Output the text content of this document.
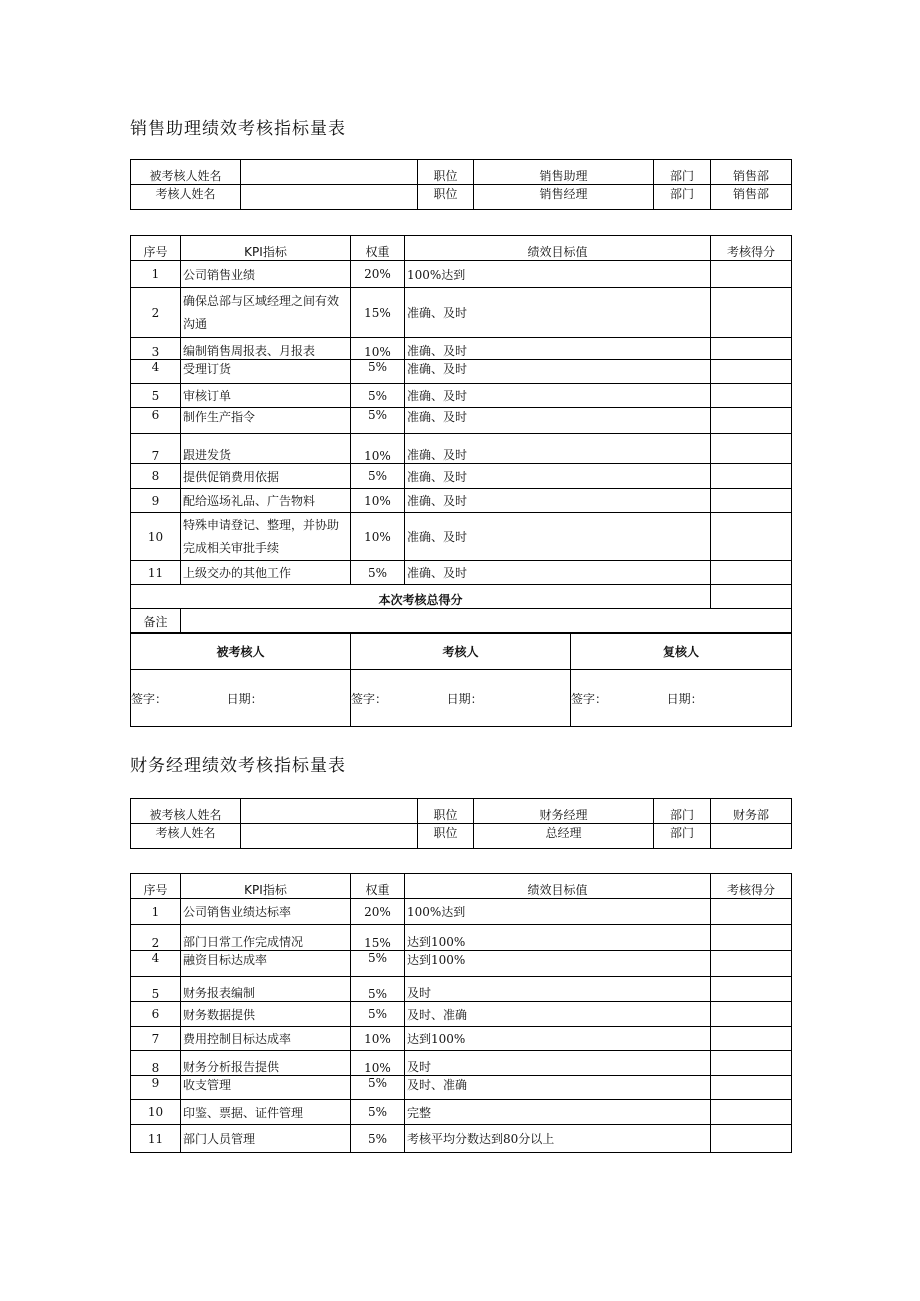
销售助理绩效考核指标量表
被考核人姓名		职位	销售助理	部门	销售部
考核人姓名		职位	销售经理	部门	销售部
序号	KPI指标	权重	绩效目标值	考核得分
1	公司销售业绩	20%	100%达到	
2	确保总部与区域经理之间有效沟通	15%	准确、及时	
3	编制销售周报表、月报表	10%	准确、及时	
4	受理订货	5%	准确、及时	
5	审核订单	5%	准确、及时	
6	制作生产指令	5%	准确、及时	
7	跟进发货	10%	准确、及时	
8	提供促销费用依据	5%	准确、及时	
9	配给巡场礼品、广告物料	10%	准确、及时	
10	特殊申请登记、整理，并协助完成相关审批手续	10%	准确、及时	
11	上级交办的其他工作	5%	准确、及时	
本次考核总得分				
备注				
被考核人	考核人	复核人
签字： 日期：	签字： 日期：	签字： 日期：
财务经理绩效考核指标量表
被考核人姓名		职位	财务经理	部门	财务部
考核人姓名		职位	总经理	部门	
序号	KPI指标	权重	绩效目标值	考核得分
1	公司销售业绩达标率	20%	100%达到	
2	部门日常工作完成情况	15%	达到100%	
4	融资目标达成率	5%	达到100%	
5	财务报表编制	5%	及时	
6	财务数据提供	5%	及时、准确	
7	费用控制目标达成率	10%	达到100%	
8	财务分析报告提供	10%	及时	
9	收支管理	5%	及时、准确	
10	印鉴、票据、证件管理	5%	完整	
11	部门人员管理	5%	考核平均分数达到80分以上	
